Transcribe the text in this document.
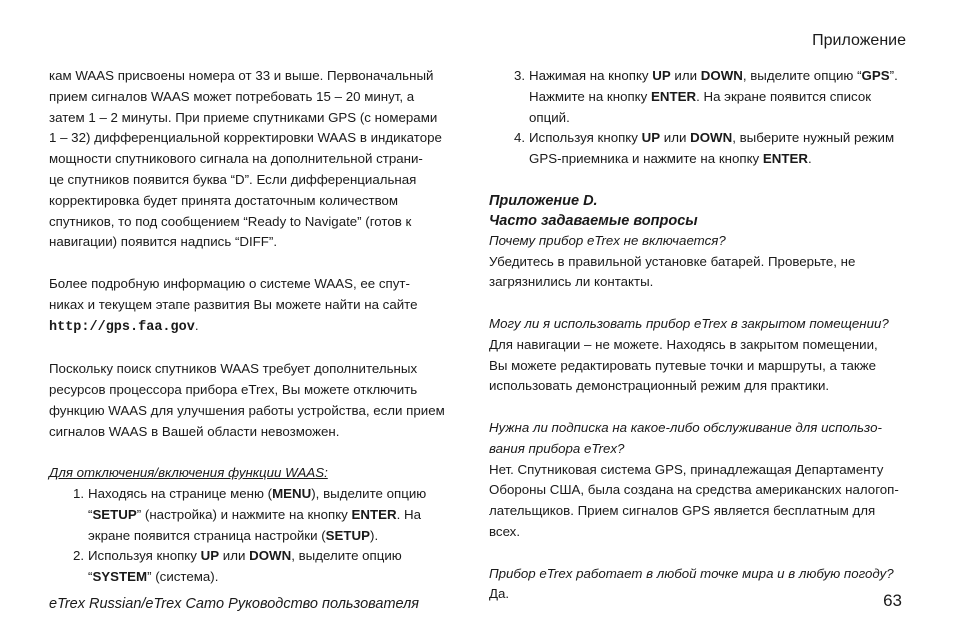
Приложение

кам WAAS присвоены номера от 33 и выше. Первоначальный
прием сигналов WAAS может потребовать 15 – 20 минут, а
затем 1 – 2 минуты. При приеме спутниками GPS (с номерами
1 – 32) дифференциальной корректировки WAAS в индикаторе
мощности спутникового сигнала на дополнительной страни-
це спутников появится буква “D”. Если дифференциальная
корректировка будет принята достаточным количеством
спутников, то под сообщением “Ready to Navigate” (готов к
навигации) появится надпись “DIFF”.

Более подробную информацию о системе WAAS, ее спут-
никах и текущем этапе развития Вы можете найти на сайте
http://gps.faa.gov.

Поскольку поиск спутников WAAS требует дополнительных
ресурсов процессора прибора eTrex, Вы можете отключить
функцию WAAS для улучшения работы устройства, если прием
сигналов WAAS в Вашей области невозможен.

Для отключения/включения функции WAAS:

1. Находясь на странице меню (MENU), выделите опцию
“SETUP” (настройка) и нажмите на кнопку ENTER. На
экране появится страница настройки (SETUP).
2. Используя кнопку UP или DOWN, выделите опцию
“SYSTEM” (система).
3. Нажимая на кнопку UP или DOWN, выделите опцию “GPS”.
Нажмите на кнопку ENTER. На экране появится список
опций.
4. Используя кнопку UP или DOWN, выберите нужный режим
GPS-приемника и нажмите на кнопку ENTER.

Приложение D.
Часто задаваемые вопросы

Почему прибор eTrex не включается?
Убедитесь в правильной установке батарей. Проверьте, не
загрязнились ли контакты.

Могу ли я использовать прибор eTrex в закрытом помещении?
Для навигации – не можете. Находясь в закрытом помещении,
Вы можете редактировать путевые точки и маршруты, а также
использовать демонстрационный режим для практики.

Нужна ли подписка на какое-либо обслуживание для использо-
вания прибора eTrex?
Нет. Спутниковая система GPS, принадлежащая Департаменту
Обороны США, была создана на средства американских налогоп-
лательщиков. Прием сигналов GPS является бесплатным для всех.

Прибор eTrex работает в любой точке мира и в любую погоду?
Да.

eTrex Russian/eTrex Camo Руководство пользователя	63
